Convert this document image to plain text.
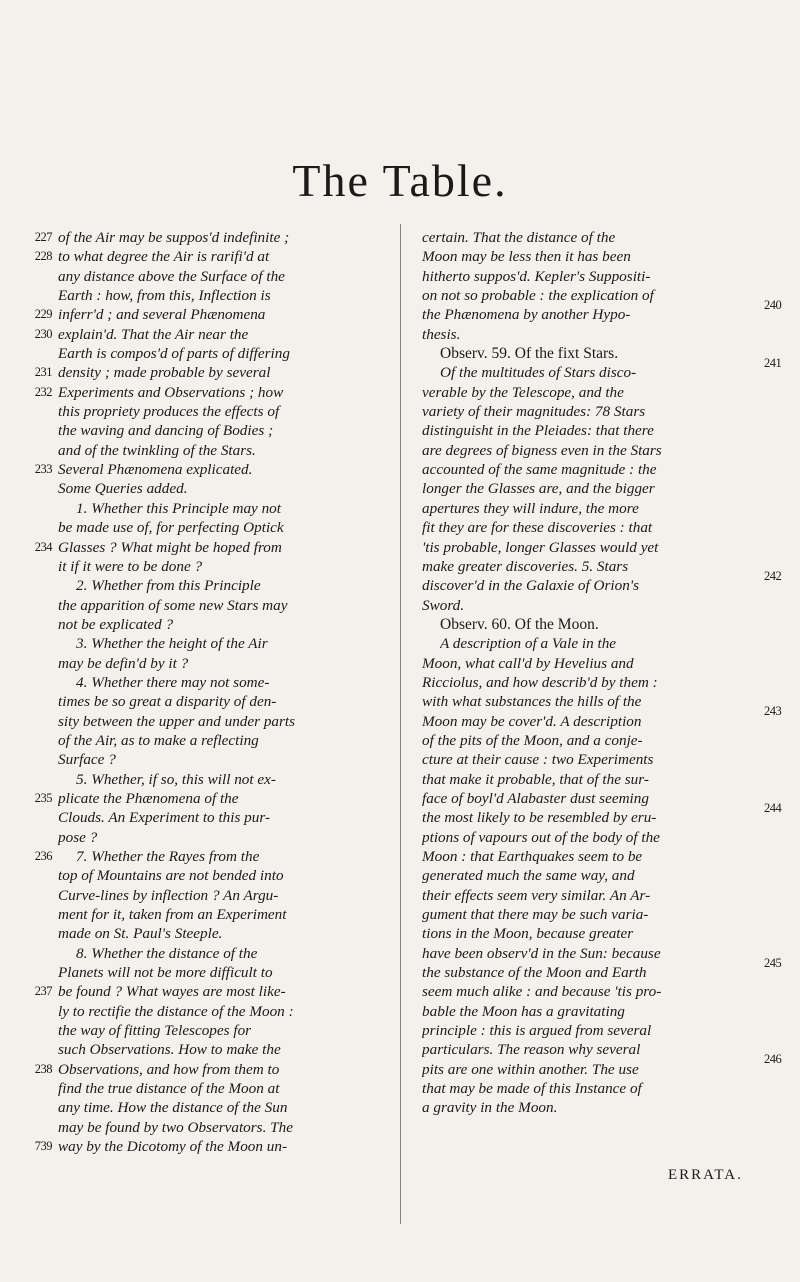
The Table.
of the Air may be suppos'd indefinite ;
227
to what degree the Air is rarifi'd at
228
any distance above the Surface of the
Earth : how, from this, Inflection is
inferr'd ; and several Phænomena
229
explain'd. That the Air near the
230
Earth is compos'd of parts of differing
density ; made probable by several
231
Experiments and Observations ; how
232
this propriety produces the effects of
the waving and dancing of Bodies ;
and of the twinkling of the Stars.
Several Phænomena explicated.
233
Some Queries added.
1. Whether this Principle may not
be made use of, for perfecting Optick
Glasses ? What might be hoped from
234
it if it were to be done ?
2. Whether from this Principle
the apparition of some new Stars may
not be explicated ?
3. Whether the height of the Air
may be defin'd by it ?
4. Whether there may not some-
times be so great a disparity of den-
sity between the upper and under parts
of the Air, as to make a reflecting
Surface ?
5. Whether, if so, this will not ex-
plicate the Phænomena of the
235
Clouds. An Experiment to this pur-
pose ?
7. Whether the Rayes from the
236
top of Mountains are not bended into
Curve-lines by inflection ? An Argu-
ment for it, taken from an Experiment
made on St. Paul's Steeple.
8. Whether the distance of the
Planets will not be more difficult to
be found ? What wayes are most like-
237
ly to rectifie the distance of the Moon :
the way of fitting Telescopes for
such Observations. How to make the
Observations, and how from them to
238
find the true distance of the Moon at
any time. How the distance of the Sun
may be found by two Observators. The
way by the Dicotomy of the Moon un-
739
certain. That the distance of the
Moon may be less then it has been
hitherto suppos'd. Kepler's Suppositi-
on not so probable : the explication of
240
the Phænomena by another Hypo-
thesis.
Observ. 59. Of the fixt Stars.
241
Of the multitudes of Stars disco-
verable by the Telescope, and the
variety of their magnitudes: 78 Stars
distinguisht in the Pleiades: that there
are degrees of bigness even in the Stars
accounted of the same magnitude : the
longer the Glasses are, and the bigger
apertures they will indure, the more
fit they are for these discoveries : that
'tis probable, longer Glasses would yet
make greater discoveries. 5. Stars
242
discover'd in the Galaxie of Orion's
Sword.
Observ. 60. Of the Moon.
A description of a Vale in the
Moon, what call'd by Hevelius and
Ricciolus, and how describ'd by them :
with what substances the hills of the
243
Moon may be cover'd. A description
of the pits of the Moon, and a conje-
cture at their cause : two Experiments
that make it probable, that of the sur-
face of boyl'd Alabaster dust seeming
244
the most likely to be resembled by eru-
ptions of vapours out of the body of the
Moon : that Earthquakes seem to be
generated much the same way, and
their effects seem very similar. An Ar-
gument that there may be such varia-
tions in the Moon, because greater
have been observ'd in the Sun: because
245
the substance of the Moon and Earth
seem much alike : and because 'tis pro-
bable the Moon has a gravitating
principle : this is argued from several
particulars. The reason why several
246
pits are one within another. The use
that may be made of this Instance of
a gravity in the Moon.
ERRATA.
